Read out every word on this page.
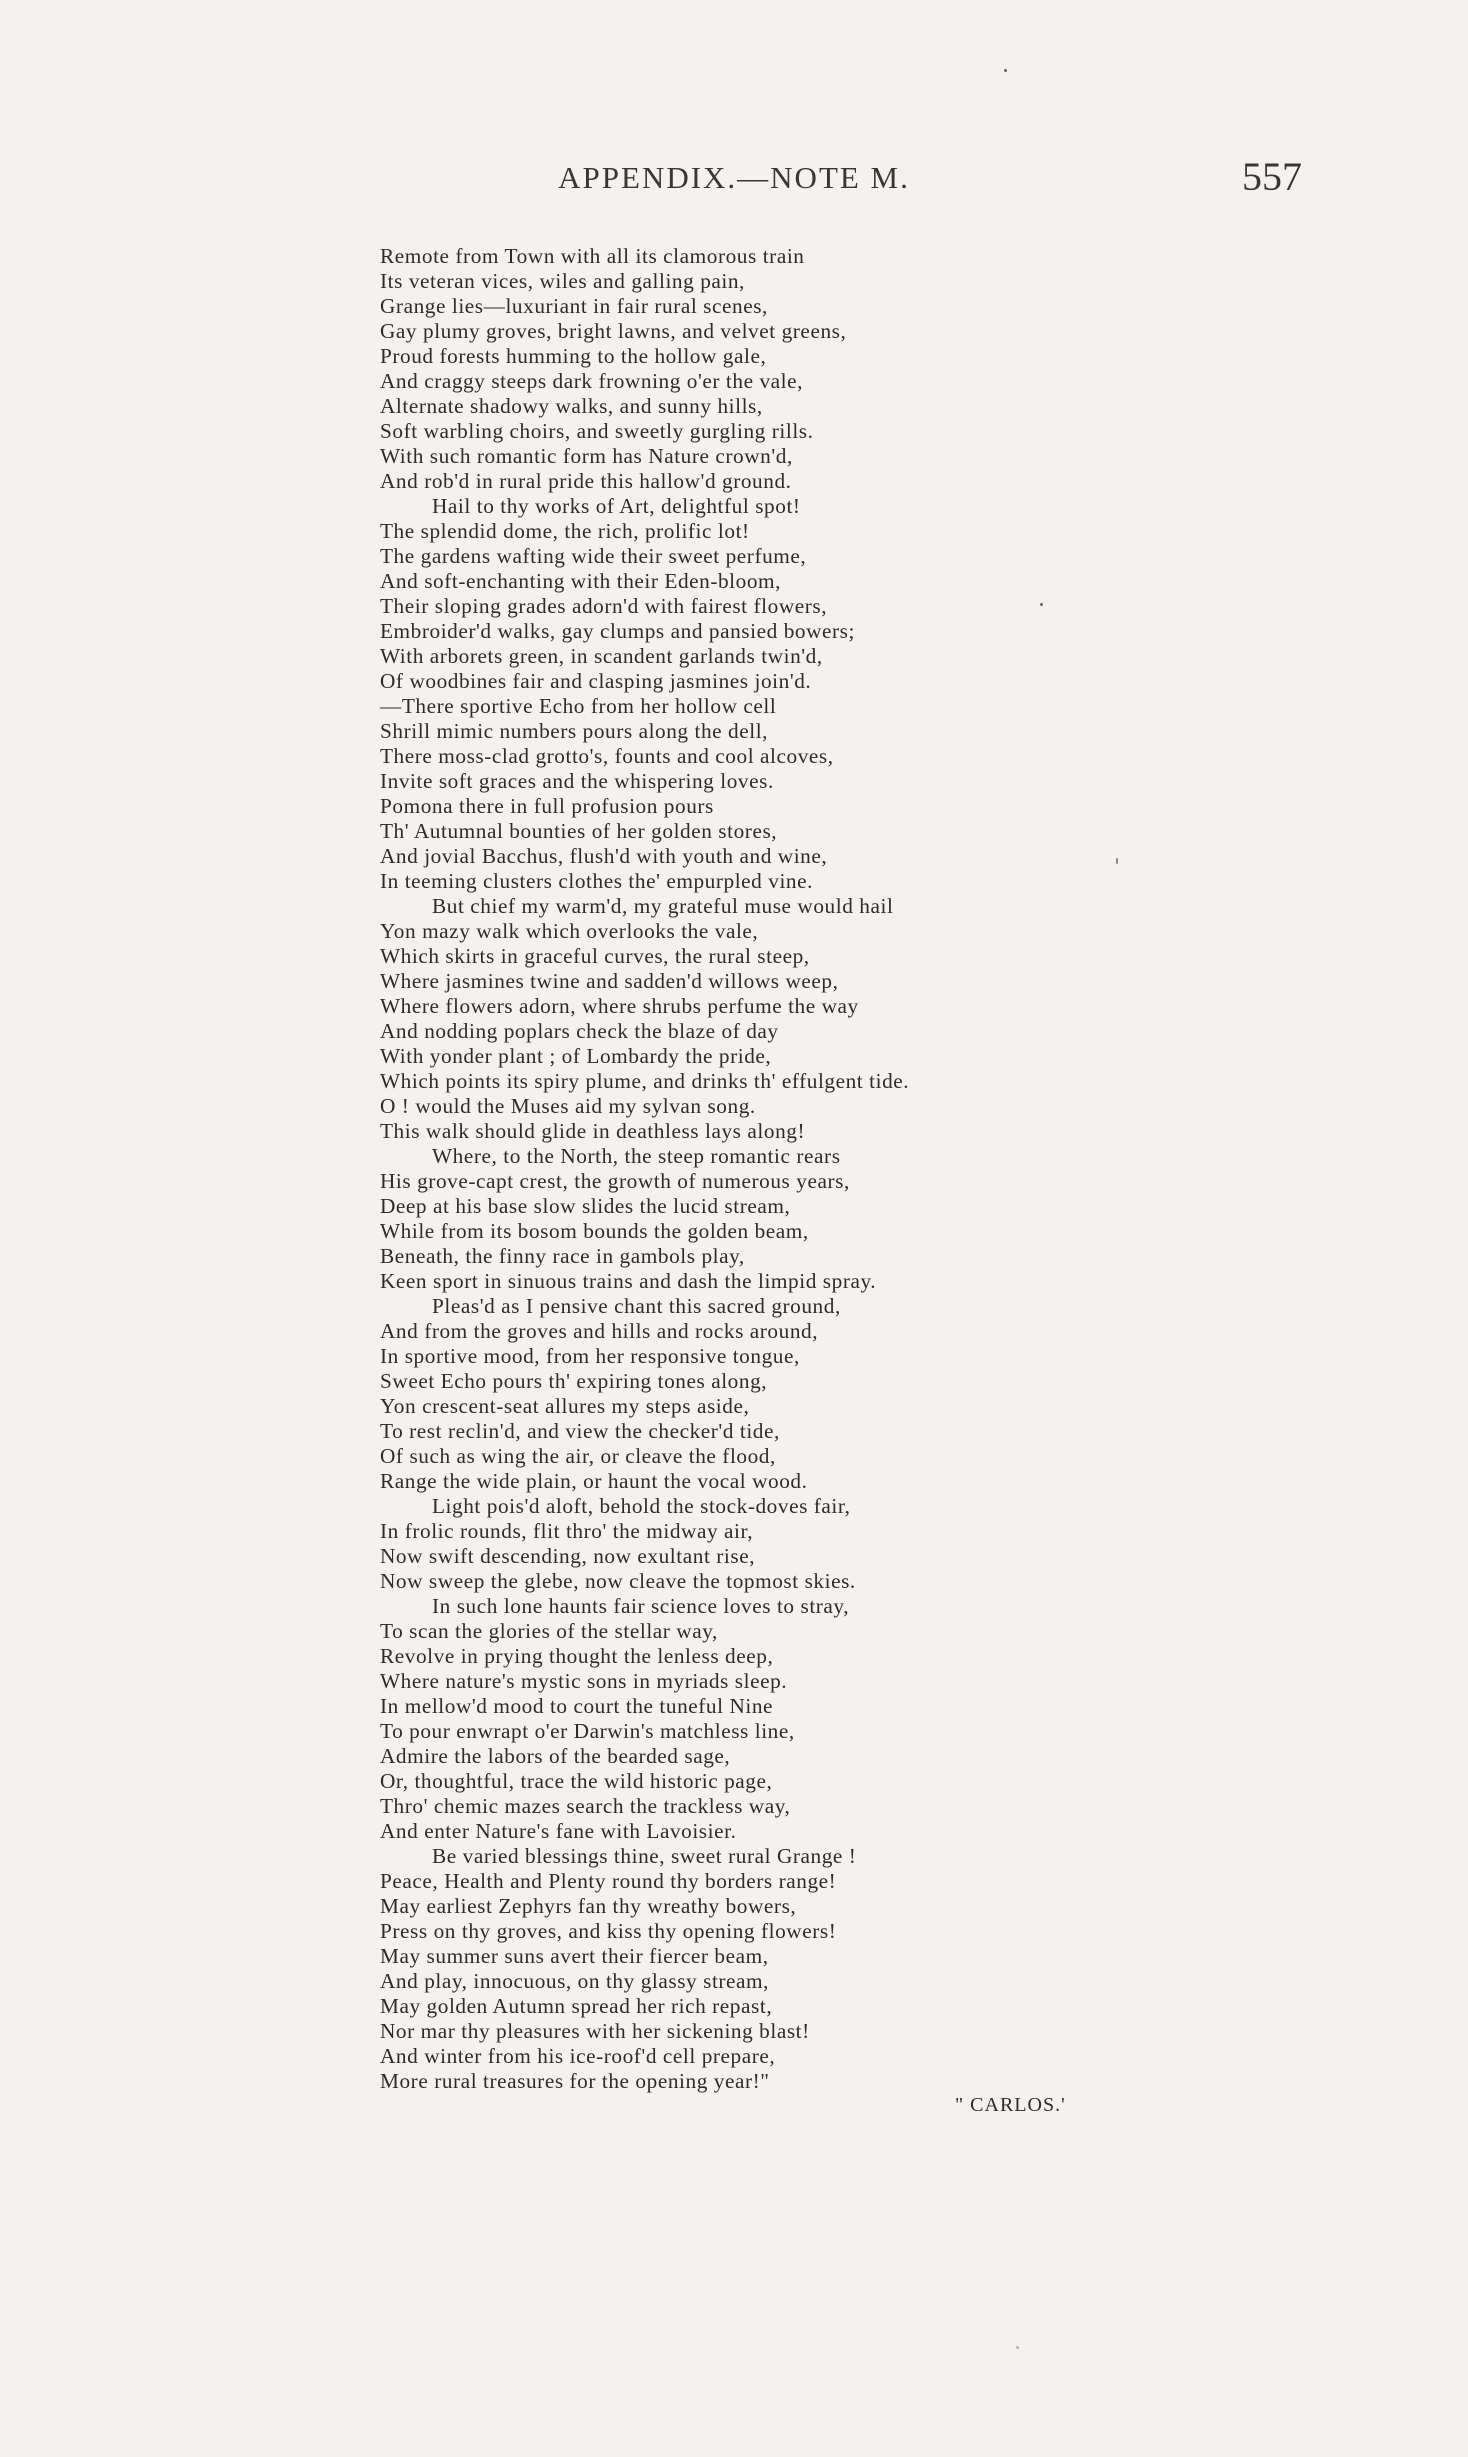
APPENDIX.—NOTE M.	557
Remote from Town with all its clamorous train
Its veteran vices, wiles and galling pain,
Grange lies—luxuriant in fair rural scenes,
Gay plumy groves, bright lawns, and velvet greens,
Proud forests humming to the hollow gale,
And craggy steeps dark frowning o'er the vale,
Alternate shadowy walks, and sunny hills,
Soft warbling choirs, and sweetly gurgling rills.
With such romantic form has Nature crown'd,
And rob'd in rural pride this hallow'd ground.
Hail to thy works of Art, delightful spot!
The splendid dome, the rich, prolific lot!
The gardens wafting wide their sweet perfume,
And soft-enchanting with their Eden-bloom,
Their sloping grades adorn'd with fairest flowers,
Embroider'd walks, gay clumps and pansied bowers;
With arborets green, in scandent garlands twin'd,
Of woodbines fair and clasping jasmines join'd.
—There sportive Echo from her hollow cell
Shrill mimic numbers pours along the dell,
There moss-clad grotto's, founts and cool alcoves,
Invite soft graces and the whispering loves.
Pomona there in full profusion pours
Th' Autumnal bounties of her golden stores,
And jovial Bacchus, flush'd with youth and wine,
In teeming clusters clothes the' empurpled vine.
But chief my warm'd, my grateful muse would hail
Yon mazy walk which overlooks the vale,
Which skirts in graceful curves, the rural steep,
Where jasmines twine and sadden'd willows weep,
Where flowers adorn, where shrubs perfume the way
And nodding poplars check the blaze of day
With yonder plant ; of Lombardy the pride,
Which points its spiry plume, and drinks th' effulgent tide.
O ! would the Muses aid my sylvan song.
This walk should glide in deathless lays along!
Where, to the North, the steep romantic rears
His grove-capt crest, the growth of numerous years,
Deep at his base slow slides the lucid stream,
While from its bosom bounds the golden beam,
Beneath, the finny race in gambols play,
Keen sport in sinuous trains and dash the limpid spray.
Pleas'd as I pensive chant this sacred ground,
And from the groves and hills and rocks around,
In sportive mood, from her responsive tongue,
Sweet Echo pours th' expiring tones along,
Yon crescent-seat allures my steps aside,
To rest reclin'd, and view the checker'd tide,
Of such as wing the air, or cleave the flood,
Range the wide plain, or haunt the vocal wood.
Light pois'd aloft, behold the stock-doves fair,
In frolic rounds, flit thro' the midway air,
Now swift descending, now exultant rise,
Now sweep the glebe, now cleave the topmost skies.
In such lone haunts fair science loves to stray,
To scan the glories of the stellar way,
Revolve in prying thought the lenless deep,
Where nature's mystic sons in myriads sleep.
In mellow'd mood to court the tuneful Nine
To pour enwrapt o'er Darwin's matchless line,
Admire the labors of the bearded sage,
Or, thoughtful, trace the wild historic page,
Thro' chemic mazes search the trackless way,
And enter Nature's fane with Lavoisier.
Be varied blessings thine, sweet rural Grange !
Peace, Health and Plenty round thy borders range!
May earliest Zephyrs fan thy wreathy bowers,
Press on thy groves, and kiss thy opening flowers!
May summer suns avert their fiercer beam,
And play, innocuous, on thy glassy stream,
May golden Autumn spread her rich repast,
Nor mar thy pleasures with her sickening blast!
And winter from his ice-roof'd cell prepare,
More rural treasures for the opening year!"
" CARLOS.'
